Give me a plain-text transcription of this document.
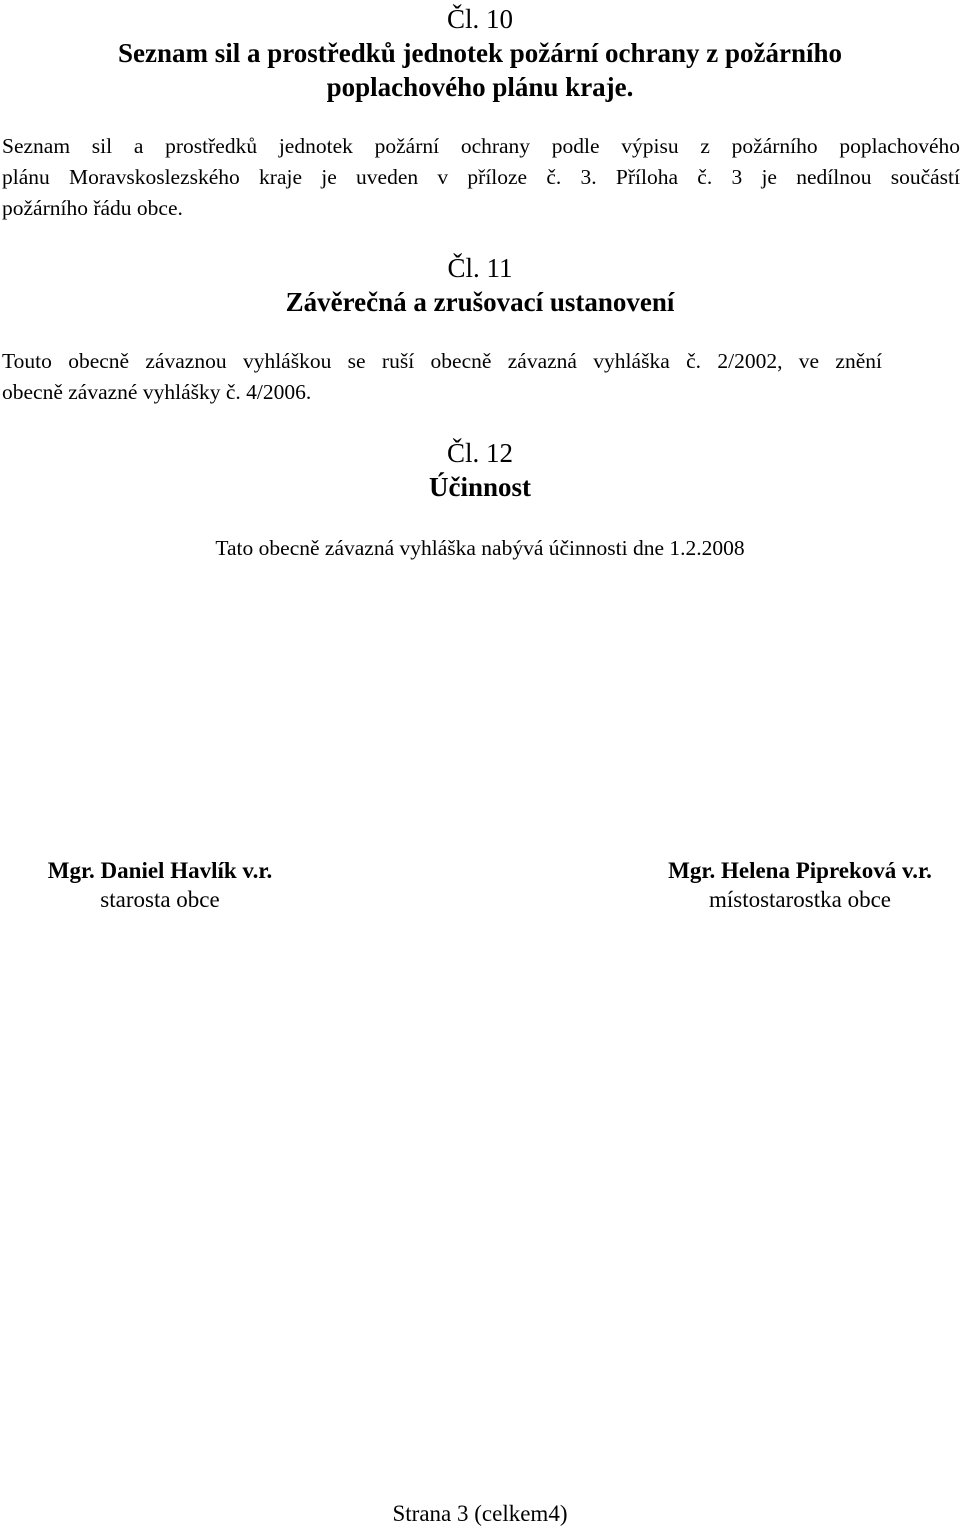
Čl. 10
Seznam sil a prostředků jednotek požární ochrany z požárního
poplachového plánu kraje.
Seznam sil a prostředků jednotek požární ochrany podle výpisu z požárního poplachového
plánu Moravskoslezského kraje je uveden v příloze č. 3. Příloha č. 3 je nedílnou součástí
požárního řádu obce.
Čl. 11
Závěrečná a zrušovací ustanovení
Touto obecně závaznou vyhláškou se ruší obecně závazná vyhláška č. 2/2002, ve znění
obecně závazné vyhlášky č. 4/2006.
Čl. 12
Účinnost
Tato obecně závazná vyhláška nabývá účinnosti dne 1.2.2008
Mgr. Daniel Havlík v.r.
starosta obce
Mgr. Helena Pipreková v.r.
místostarostka obce
Strana 3 (celkem4)
